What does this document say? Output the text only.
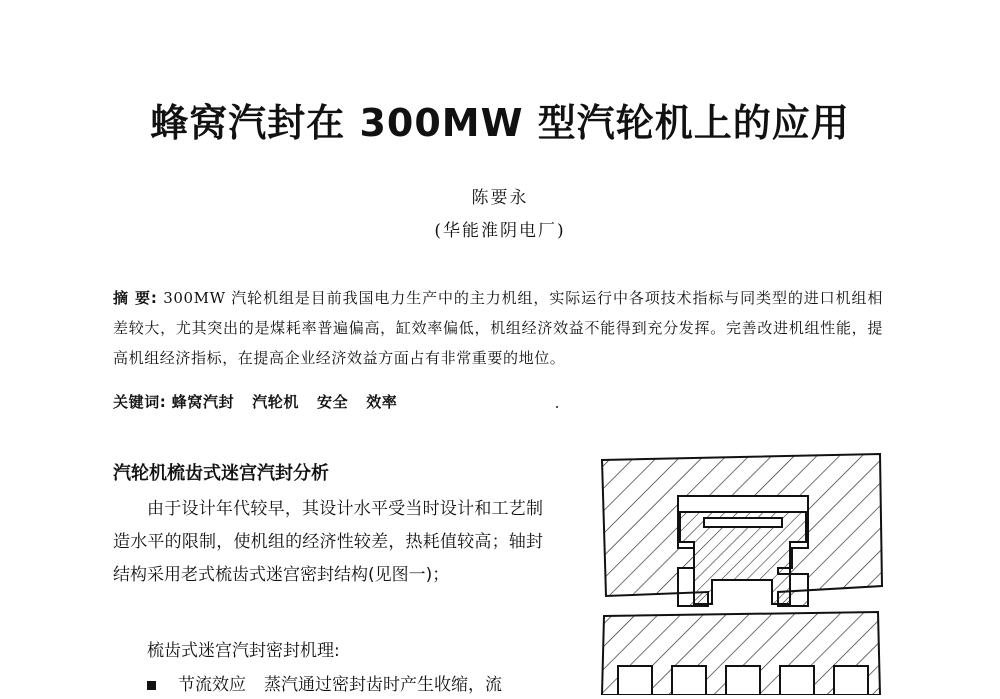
蜂窝汽封在 300MW 型汽轮机上的应用
陈要永
(华能淮阴电厂)

摘 要: 300MW 汽轮机组是目前我国电力生产中的主力机组，实际运行中各项技术指标与同类型的进口机组相差较大，尤其突出的是煤耗率普遍偏高，缸效率偏低，机组经济效益不能得到充分发挥。完善改进机组性能，提高机组经济指标，在提高企业经济效益方面占有非常重要的地位。

关键词: 蜂窝汽封 汽轮机 安全 效率

汽轮机梳齿式迷宫汽封分析

由于设计年代较早，其设计水平受当时设计和工艺制造水平的限制，使机组的经济性较差，热耗值较高；轴封结构采用老式梳齿式迷宫密封结构(见图一)；

梳齿式迷宫汽封密封机理:

节流效应 蒸汽通过密封齿时产生收缩，流
